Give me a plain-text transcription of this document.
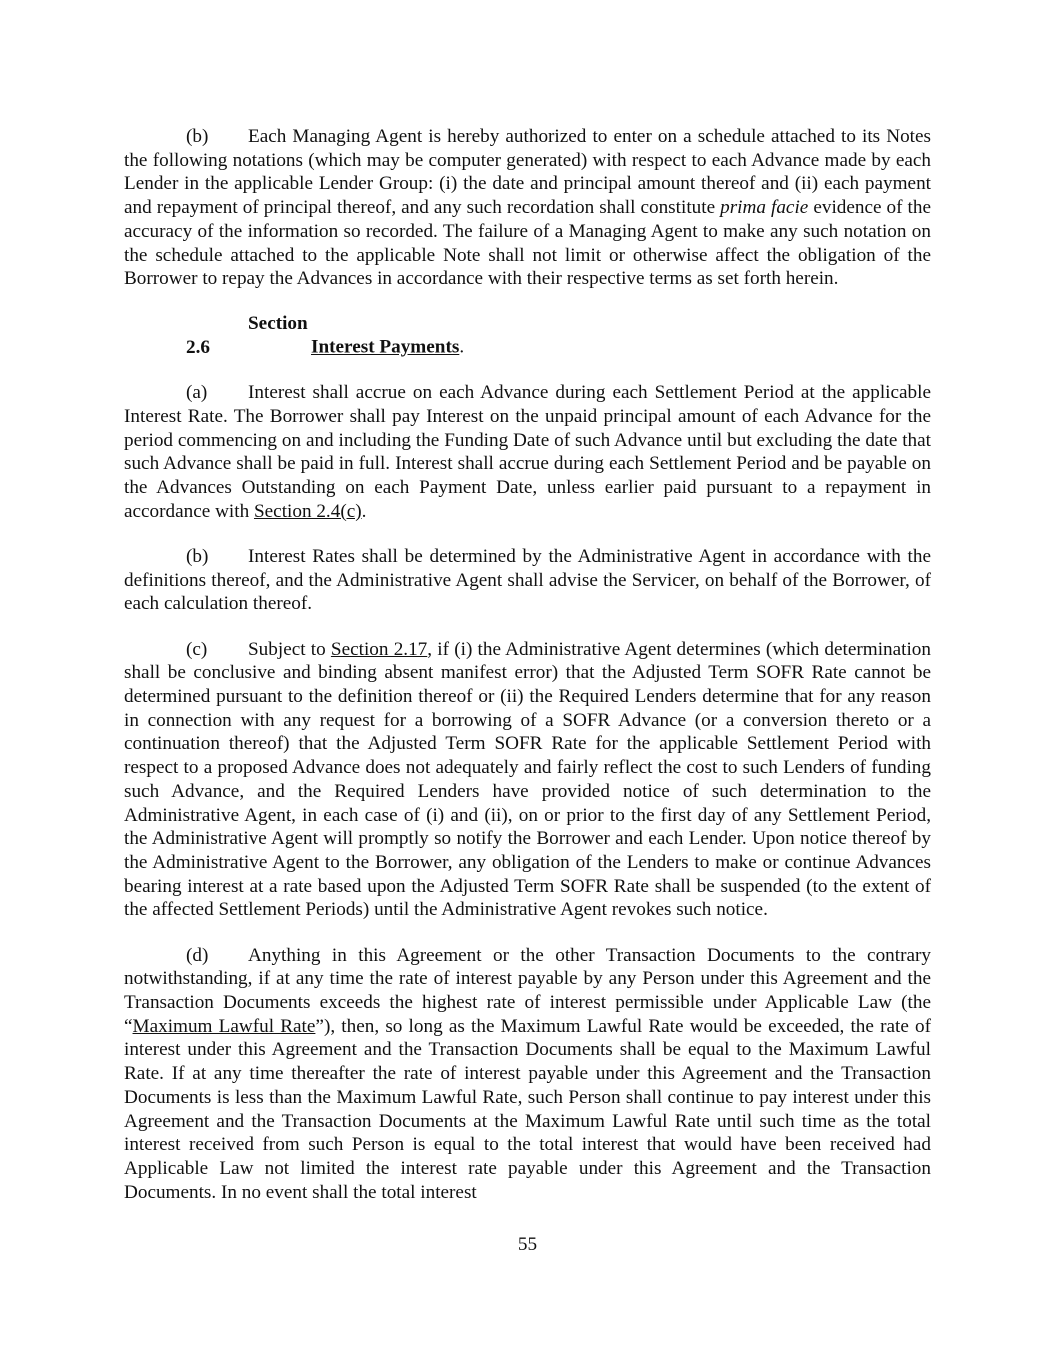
(b) Each Managing Agent is hereby authorized to enter on a schedule attached to its Notes the following notations (which may be computer generated) with respect to each Advance made by each Lender in the applicable Lender Group: (i) the date and principal amount thereof and (ii) each payment and repayment of principal thereof, and any such recordation shall constitute prima facie evidence of the accuracy of the information so recorded. The failure of a Managing Agent to make any such notation on the schedule attached to the applicable Note shall not limit or otherwise affect the obligation of the Borrower to repay the Advances in accordance with their respective terms as set forth herein.

Section 2.6	Interest Payments.

(a) Interest shall accrue on each Advance during each Settlement Period at the applicable Interest Rate. The Borrower shall pay Interest on the unpaid principal amount of each Advance for the period commencing on and including the Funding Date of such Advance until but excluding the date that such Advance shall be paid in full. Interest shall accrue during each Settlement Period and be payable on the Advances Outstanding on each Payment Date, unless earlier paid pursuant to a repayment in accordance with Section 2.4(c).

(b) Interest Rates shall be determined by the Administrative Agent in accordance with the definitions thereof, and the Administrative Agent shall advise the Servicer, on behalf of the Borrower, of each calculation thereof.

(c) Subject to Section 2.17, if (i) the Administrative Agent determines (which determination shall be conclusive and binding absent manifest error) that the Adjusted Term SOFR Rate cannot be determined pursuant to the definition thereof or (ii) the Required Lenders determine that for any reason in connection with any request for a borrowing of a SOFR Advance (or a conversion thereto or a continuation thereof) that the Adjusted Term SOFR Rate for the applicable Settlement Period with respect to a proposed Advance does not adequately and fairly reflect the cost to such Lenders of funding such Advance, and the Required Lenders have provided notice of such determination to the Administrative Agent, in each case of (i) and (ii), on or prior to the first day of any Settlement Period, the Administrative Agent will promptly so notify the Borrower and each Lender. Upon notice thereof by the Administrative Agent to the Borrower, any obligation of the Lenders to make or continue Advances bearing interest at a rate based upon the Adjusted Term SOFR Rate shall be suspended (to the extent of the affected Settlement Periods) until the Administrative Agent revokes such notice.

(d) Anything in this Agreement or the other Transaction Documents to the contrary notwithstanding, if at any time the rate of interest payable by any Person under this Agreement and the Transaction Documents exceeds the highest rate of interest permissible under Applicable Law (the “Maximum Lawful Rate”), then, so long as the Maximum Lawful Rate would be exceeded, the rate of interest under this Agreement and the Transaction Documents shall be equal to the Maximum Lawful Rate. If at any time thereafter the rate of interest payable under this Agreement and the Transaction Documents is less than the Maximum Lawful Rate, such Person shall continue to pay interest under this Agreement and the Transaction Documents at the Maximum Lawful Rate until such time as the total interest received from such Person is equal to the total interest that would have been received had Applicable Law not limited the interest rate payable under this Agreement and the Transaction Documents. In no event shall the total interest

55
